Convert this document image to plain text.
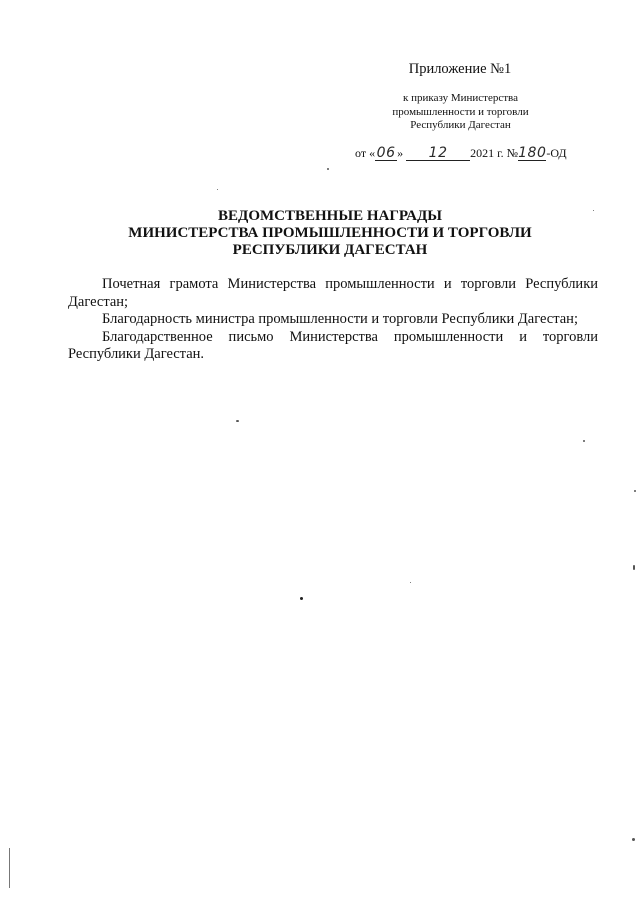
Приложение №1
к приказу Министерства
промышленности и торговли
Республики Дагестан
от « 06 » 12 2021 г. №180-ОД
ВЕДОМСТВЕННЫЕ НАГРАДЫ
МИНИСТЕРСТВА ПРОМЫШЛЕННОСТИ И ТОРГОВЛИ
РЕСПУБЛИКИ ДАГЕСТАН

Почетная грамота Министерства промышленности и торговли Республики Дагестан;

Благодарность министра промышленности и торговли Республики Дагестан;

Благодарственное письмо Министерства промышленности и торговли Республики Дагестан.
